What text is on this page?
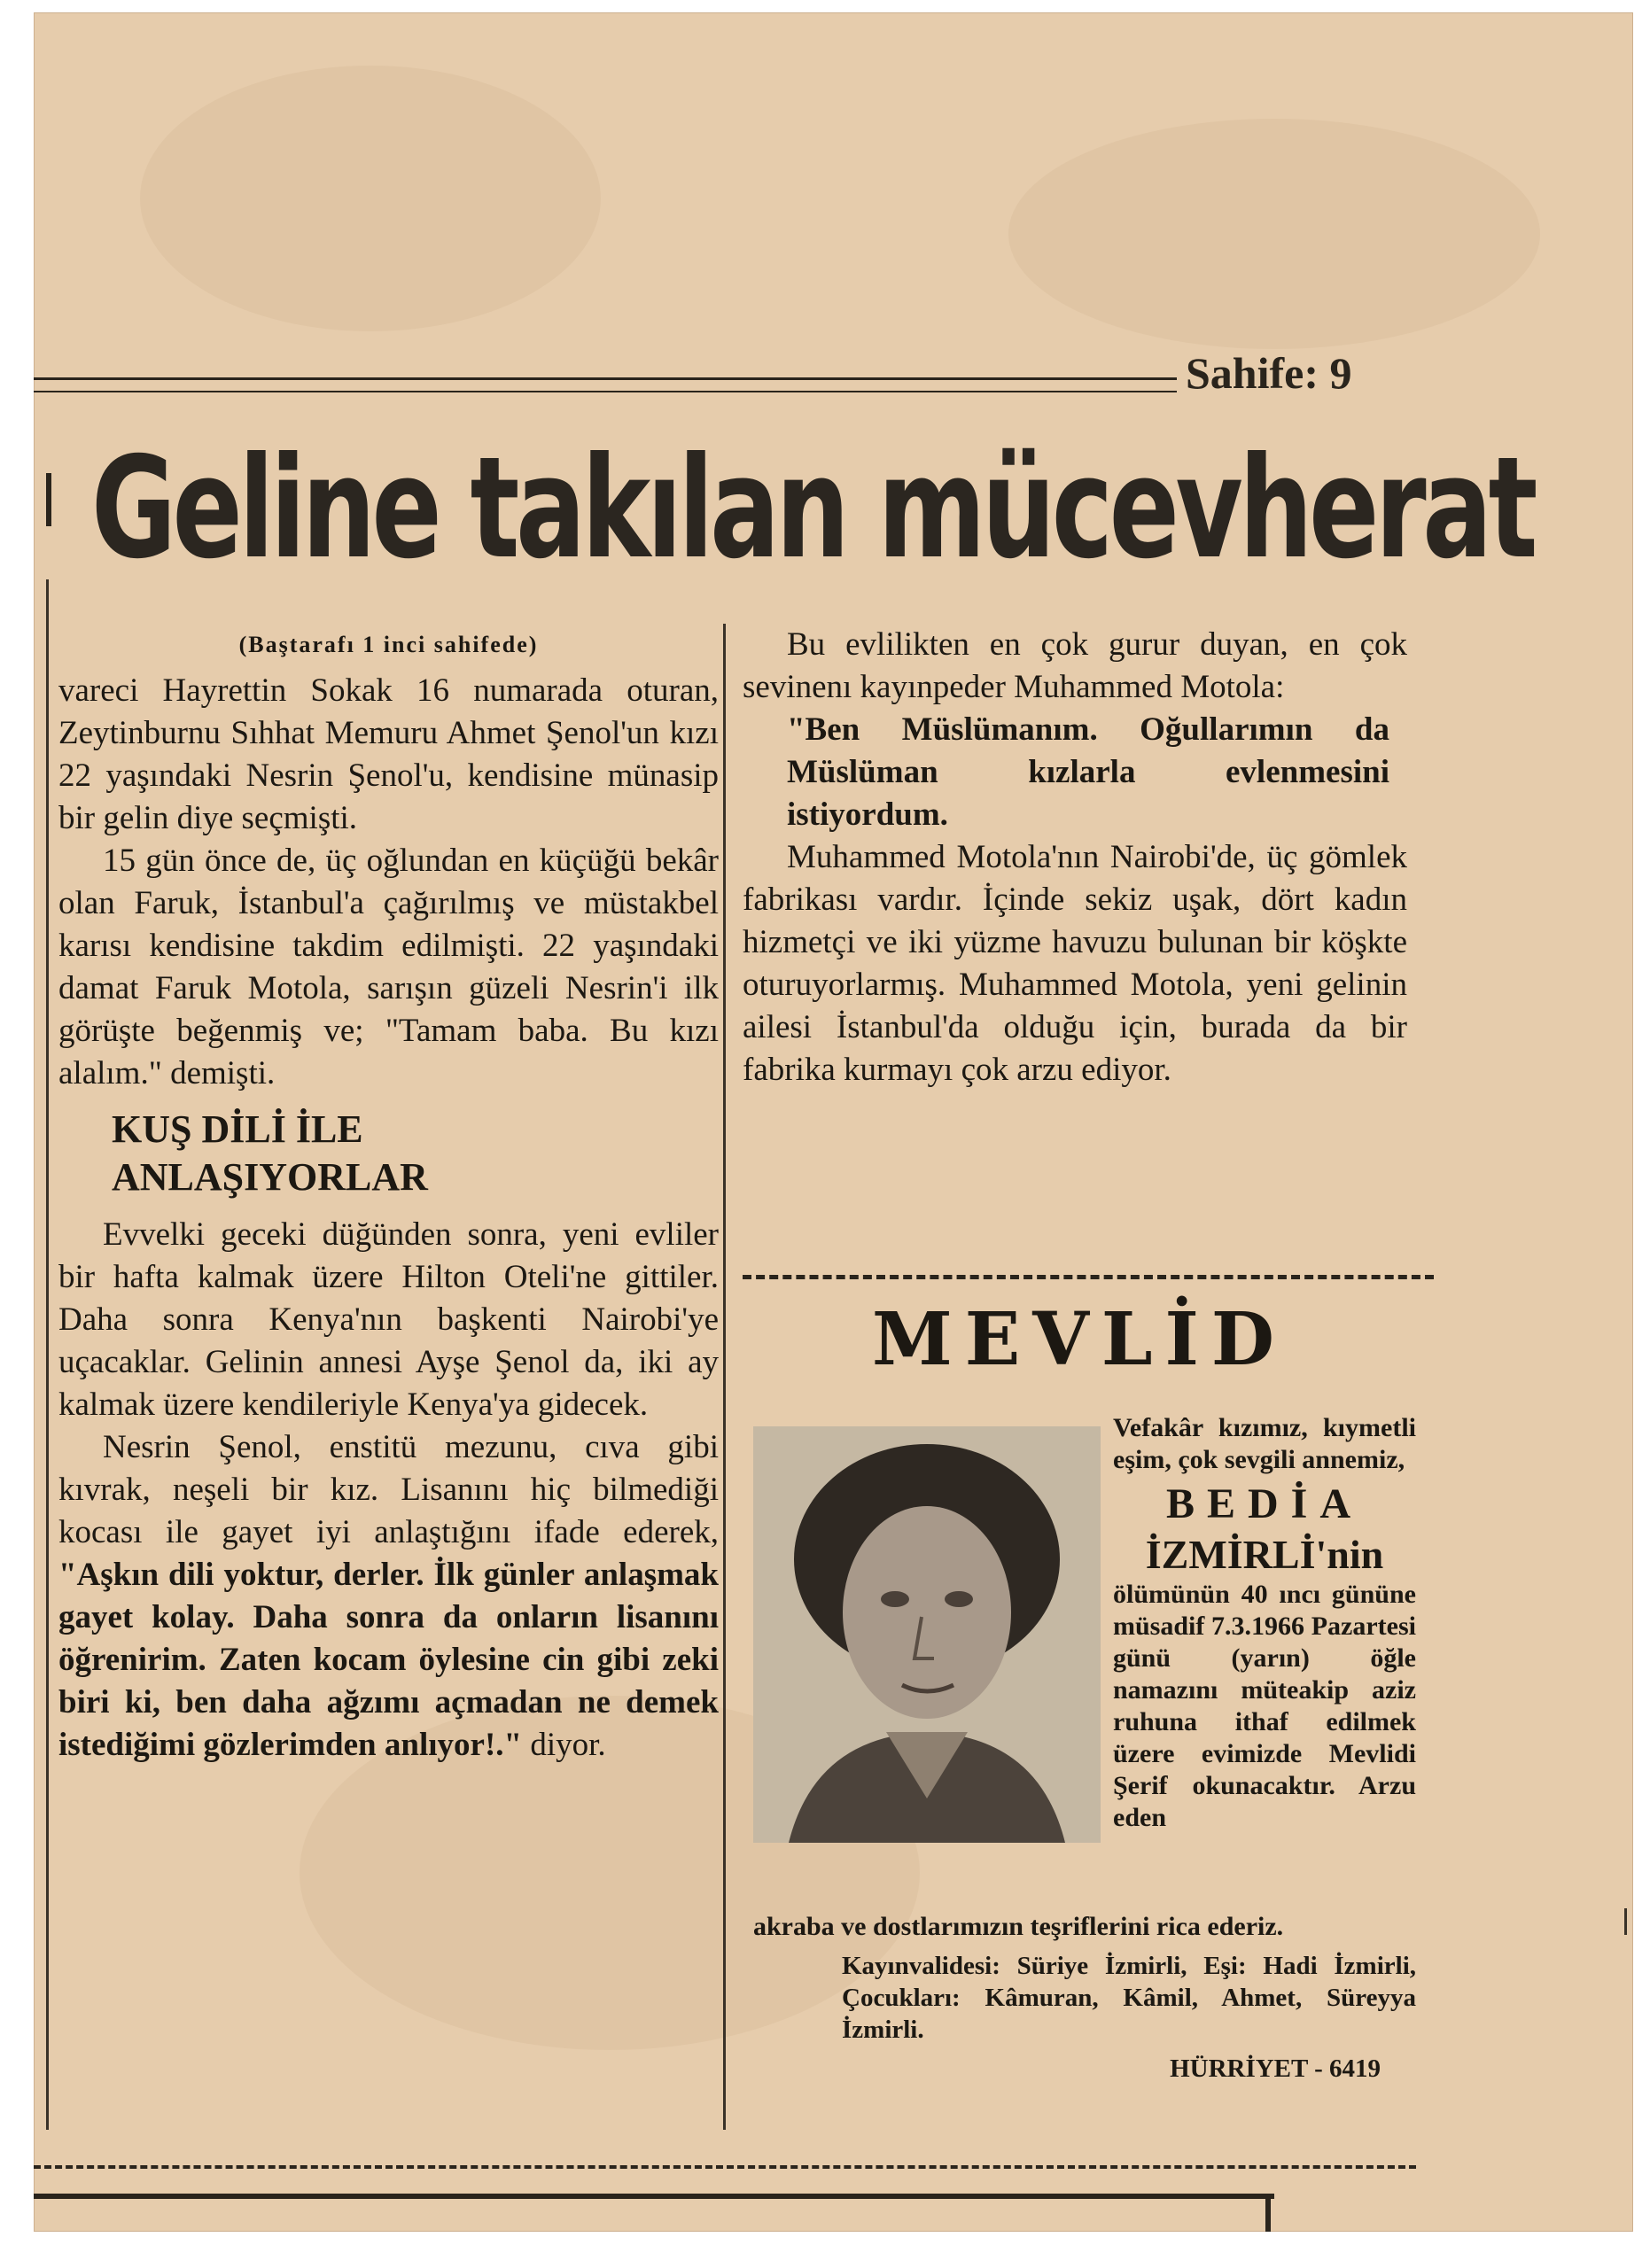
Sahife: 9
Geline takılan mücevherat
(Baştarafı 1 inci sahifede)

vareci Hayrettin Sokak 16 numarada oturan, Zeytinburnu Sıhhat Memuru Ahmet Şenol'un kızı 22 yaşındaki Nesrin Şenol'u, kendisine münasip bir gelin diye seçmişti.

15 gün önce de, üç oğlundan en küçüğü bekâr olan Faruk, İstanbul'a çağırılmış ve müstakbel karısı kendisine takdim edilmişti. 22 yaşındaki damat Faruk Motola, sarışın güzeli Nesrin'i ilk görüşte beğenmiş ve; "Tamam baba. Bu kızı alalım." demişti.

KUŞ DİLİ İLE
ANLAŞIYORLAR

Evvelki geceki düğünden sonra, yeni evliler bir hafta kalmak üzere Hilton Oteli'ne gittiler. Daha sonra Kenya'nın başkenti Nairobi'ye uçacaklar. Gelinin annesi Ayşe Şenol da, iki ay kalmak üzere kendileriyle Kenya'ya gidecek.

Nesrin Şenol, enstitü mezunu, cıva gibi kıvrak, neşeli bir kız. Lisanını hiç bilmediği kocası ile gayet iyi anlaştığını ifade ederek, "Aşkın dili yoktur, derler. İlk günler anlaşmak gayet kolay. Daha sonra da onların lisanını öğrenirim. Zaten kocam öylesine cin gibi zeki biri ki, ben daha ağzımı açmadan ne demek istediğimi gözlerimden anlıyor!." diyor.

Bu evlilikten en çok gurur duyan, en çok sevinenı kayınpeder Muhammed Motola:

"Ben Müslümanım. Oğullarımın da Müslüman kızlarla evlenmesini istiyordum.

Muhammed Motola'nın Nairobi'de, üç gömlek fabrikası vardır. İçinde sekiz uşak, dört kadın hizmetçi ve iki yüzme havuzu bulunan bir köşkte oturuyorlarmış. Muhammed Motola, yeni gelinin ailesi İstanbul'da olduğu için, burada da bir fabrika kurmayı çok arzu ediyor.

MEVLİD

Vefakâr kızımız, kıymetli eşim, çok sevgili annemiz,

BEDİA

İZMİRLİ'nin

ölümünün 40 ıncı gününe müsadif 7.3.1966 Pazartesi günü (yarın) öğle namazını müteakip aziz ruhuna ithaf edilmek üzere evimizde Mevlidi Şerif okunacaktır. Arzu eden

akraba ve dostlarımızın teşriflerini rica ederiz.

Kayınvalidesi: Süriye İzmirli, Eşi: Hadi İzmirli, Çocukları: Kâmuran, Kâmil, Ahmet, Süreyya İzmirli.

HÜRRİYET - 6419
